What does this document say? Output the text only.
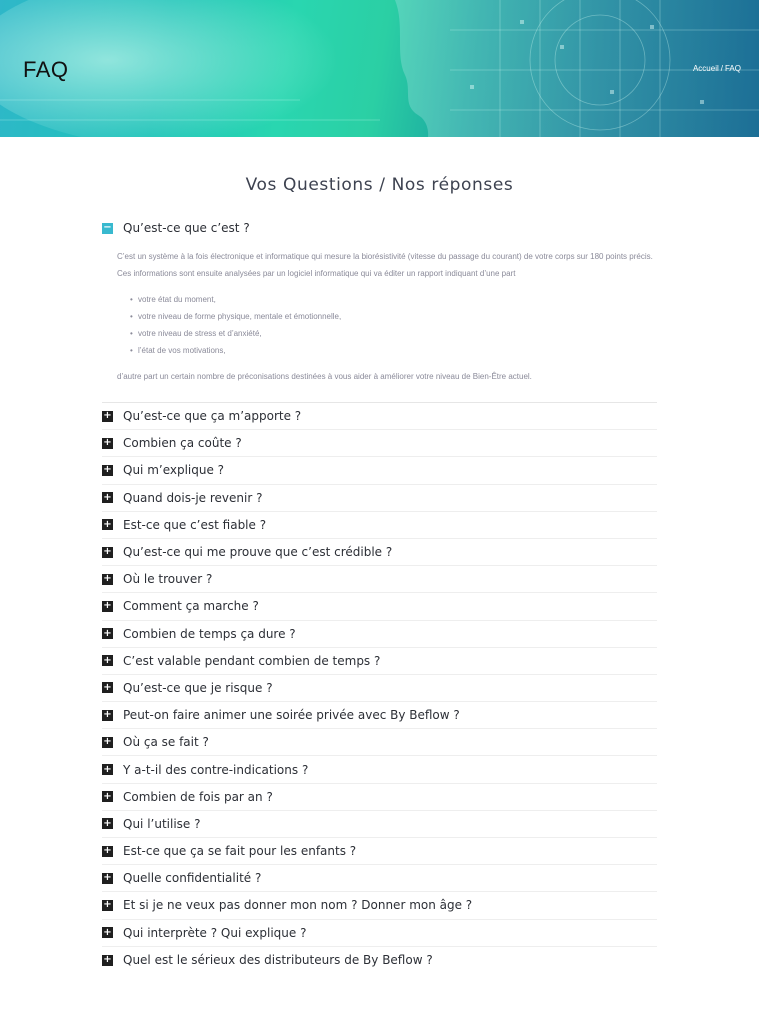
FAQ	Accueil / FAQ
Vos Questions / Nos réponses
− Qu’est-ce que c’est ?

C’est un système à la fois électronique et informatique qui mesure la biorésistivité (vitesse du passage du courant) de votre corps sur 180 points précis. Ces informations sont ensuite analysées par un logiciel informatique qui va éditer un rapport indiquant d’une part

• votre état du moment,
• votre niveau de forme physique, mentale et émotionnelle,
• votre niveau de stress et d’anxiété,
• l’état de vos motivations,

d’autre part un certain nombre de préconisations destinées à vous aider à améliorer votre niveau de Bien-Être actuel.

+ Qu’est-ce que ça m’apporte ?
+ Combien ça coûte ?
+ Qui m’explique ?
+ Quand dois-je revenir ?
+ Est-ce que c’est fiable ?
+ Qu’est-ce qui me prouve que c’est crédible ?
+ Où le trouver ?
+ Comment ça marche ?
+ Combien de temps ça dure ?
+ C’est valable pendant combien de temps ?
+ Qu’est-ce que je risque ?
+ Peut-on faire animer une soirée privée avec By Beflow ?
+ Où ça se fait ?
+ Y a-t-il des contre-indications ?
+ Combien de fois par an ?
+ Qui l’utilise ?
+ Est-ce que ça se fait pour les enfants ?
+ Quelle confidentialité ?
+ Et si je ne veux pas donner mon nom ? Donner mon âge ?
+ Qui interprète ? Qui explique ?
+ Quel est le sérieux des distributeurs de By Beflow ?
